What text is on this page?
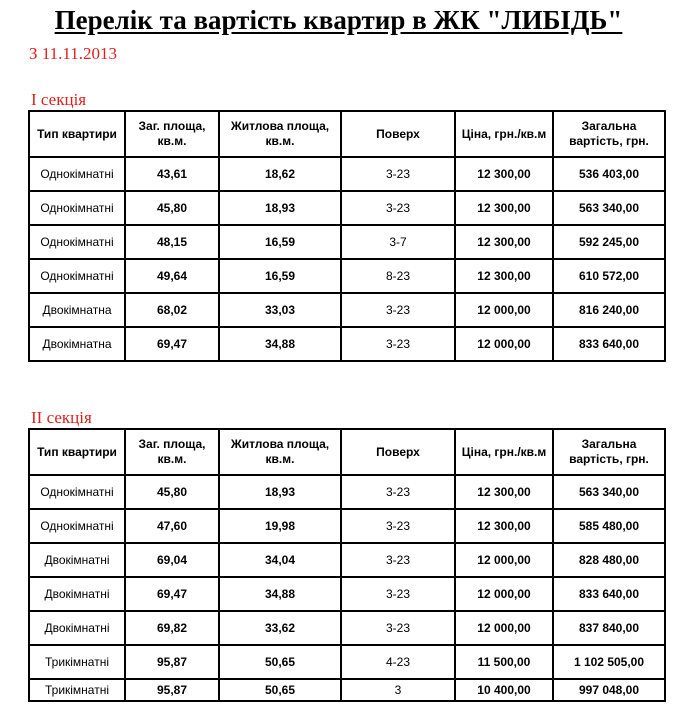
Перелік та вартість квартир в ЖК "ЛИБІДЬ"
З 11.11.2013
I секція
Тип квартири	Заг. площа, кв.м.	Житлова площа, кв.м.	Поверх	Ціна, грн./кв.м	Загальна вартість, грн.
Однокімнатні	43,61	18,62	3-23	12 300,00	536 403,00
Однокімнатні	45,80	18,93	3-23	12 300,00	563 340,00
Однокімнатні	48,15	16,59	3-7	12 300,00	592 245,00
Однокімнатні	49,64	16,59	8-23	12 300,00	610 572,00
Двокімнатна	68,02	33,03	3-23	12 000,00	816 240,00
Двокімнатна	69,47	34,88	3-23	12 000,00	833 640,00
II секція
Тип квартири	Заг. площа, кв.м.	Житлова площа, кв.м.	Поверх	Ціна, грн./кв.м	Загальна вартість, грн.
Однокімнатні	45,80	18,93	3-23	12 300,00	563 340,00
Однокімнатні	47,60	19,98	3-23	12 300,00	585 480,00
Двокімнатні	69,04	34,04	3-23	12 000,00	828 480,00
Двокімнатні	69,47	34,88	3-23	12 000,00	833 640,00
Двокімнатні	69,82	33,62	3-23	12 000,00	837 840,00
Трикімнатні	95,87	50,65	4-23	11 500,00	1 102 505,00
Трикімнатні	95,87	50,65	3	10 400,00	997 048,00
